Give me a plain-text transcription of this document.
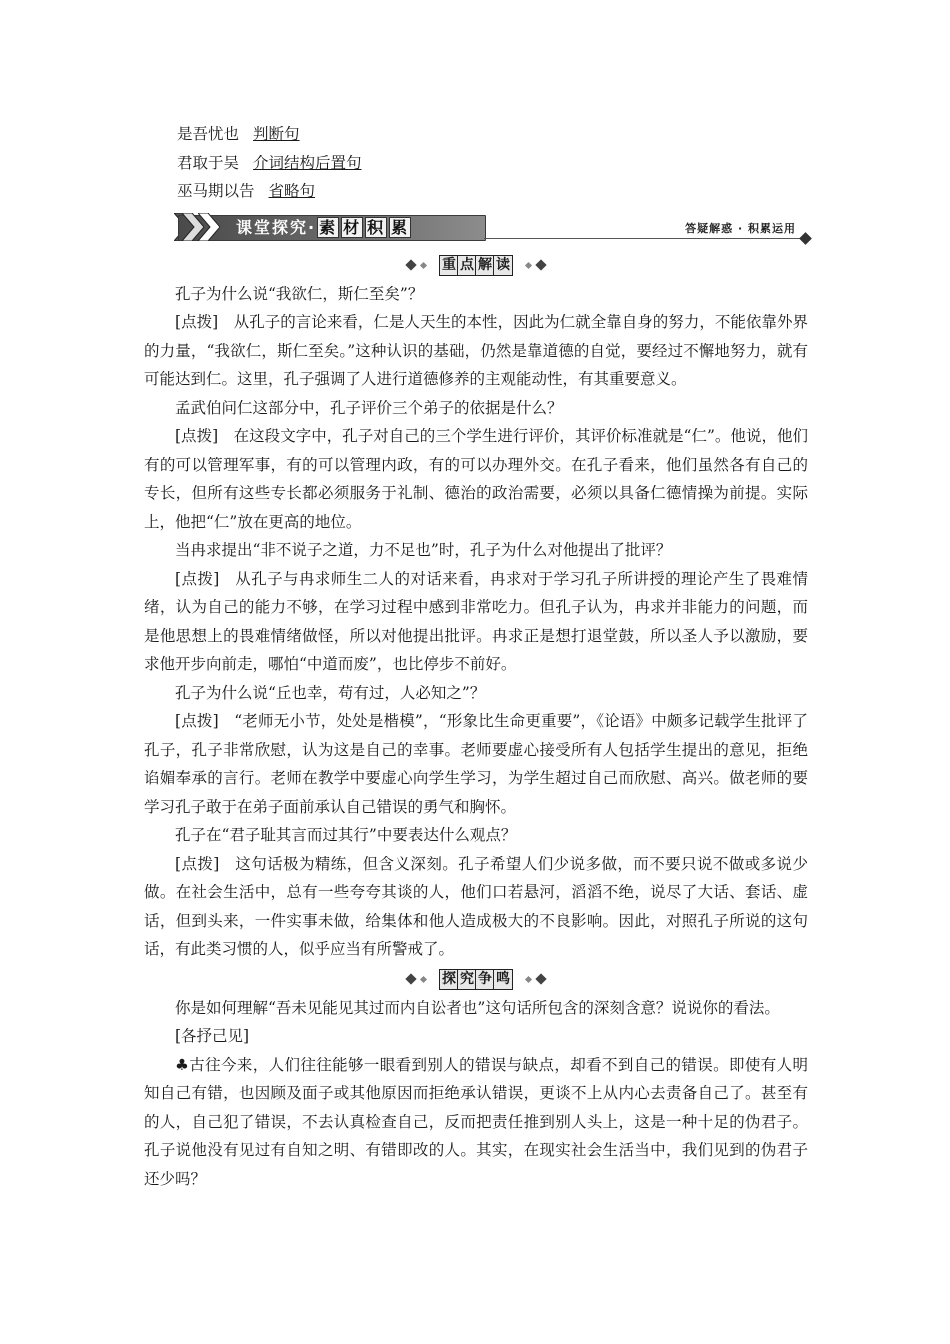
是吾忧也 判断句

君取于吴 介词结构后置句

巫马期以告 省略句

课堂探究· 素 材 积 累	答疑解惑 · 积累运用
重 点 解 读

孔子为什么说“我欲仁，斯仁至矣”？

[点拨]  从孔子的言论来看，仁是人天生的本性，因此为仁就全靠自身的努力，不能依靠外界的力量，“我欲仁，斯仁至矣。”这种认识的基础，仍然是靠道德的自觉，要经过不懈地努力，就有可能达到仁。这里，孔子强调了人进行道德修养的主观能动性，有其重要意义。

孟武伯问仁这部分中，孔子评价三个弟子的依据是什么？

[点拨]  在这段文字中，孔子对自己的三个学生进行评价，其评价标准就是“仁”。他说，他们有的可以管理军事，有的可以管理内政，有的可以办理外交。在孔子看来，他们虽然各有自己的专长，但所有这些专长都必须服务于礼制、德治的政治需要，必须以具备仁德情操为前提。实际上，他把“仁”放在更高的地位。

当冉求提出“非不说子之道，力不足也”时，孔子为什么对他提出了批评？

[点拨]  从孔子与冉求师生二人的对话来看，冉求对于学习孔子所讲授的理论产生了畏难情绪，认为自己的能力不够，在学习过程中感到非常吃力。但孔子认为，冉求并非能力的问题，而是他思想上的畏难情绪做怪，所以对他提出批评。冉求正是想打退堂鼓，所以圣人予以激励，要求他开步向前走，哪怕“中道而废”，也比停步不前好。

孔子为什么说“丘也幸，苟有过，人必知之”？

[点拨]  “老师无小节，处处是楷模”，“形象比生命更重要”，《论语》中颇多记载学生批评了孔子，孔子非常欣慰，认为这是自己的幸事。老师要虚心接受所有人包括学生提出的意见，拒绝谄媚奉承的言行。老师在教学中要虚心向学生学习，为学生超过自己而欣慰、高兴。做老师的要学习孔子敢于在弟子面前承认自己错误的勇气和胸怀。

孔子在“君子耻其言而过其行”中要表达什么观点？

[点拨]  这句话极为精练，但含义深刻。孔子希望人们少说多做，而不要只说不做或多说少做。在社会生活中，总有一些夸夸其谈的人，他们口若悬河，滔滔不绝，说尽了大话、套话、虚话，但到头来，一件实事未做，给集体和他人造成极大的不良影响。因此，对照孔子所说的这句话，有此类习惯的人，似乎应当有所警戒了。

探 究 争 鸣

你是如何理解“吾未见能见其过而内自讼者也”这句话所包含的深刻含意？说说你的看法。

[各抒己见]

♣古往今来，人们往往能够一眼看到别人的错误与缺点，却看不到自己的错误。即使有人明知自己有错，也因顾及面子或其他原因而拒绝承认错误，更谈不上从内心去责备自己了。甚至有的人，自己犯了错误，不去认真检查自己，反而把责任推到别人头上，这是一种十足的伪君子。孔子说他没有见过有自知之明、有错即改的人。其实，在现实社会生活当中，我们见到的伪君子还少吗？
